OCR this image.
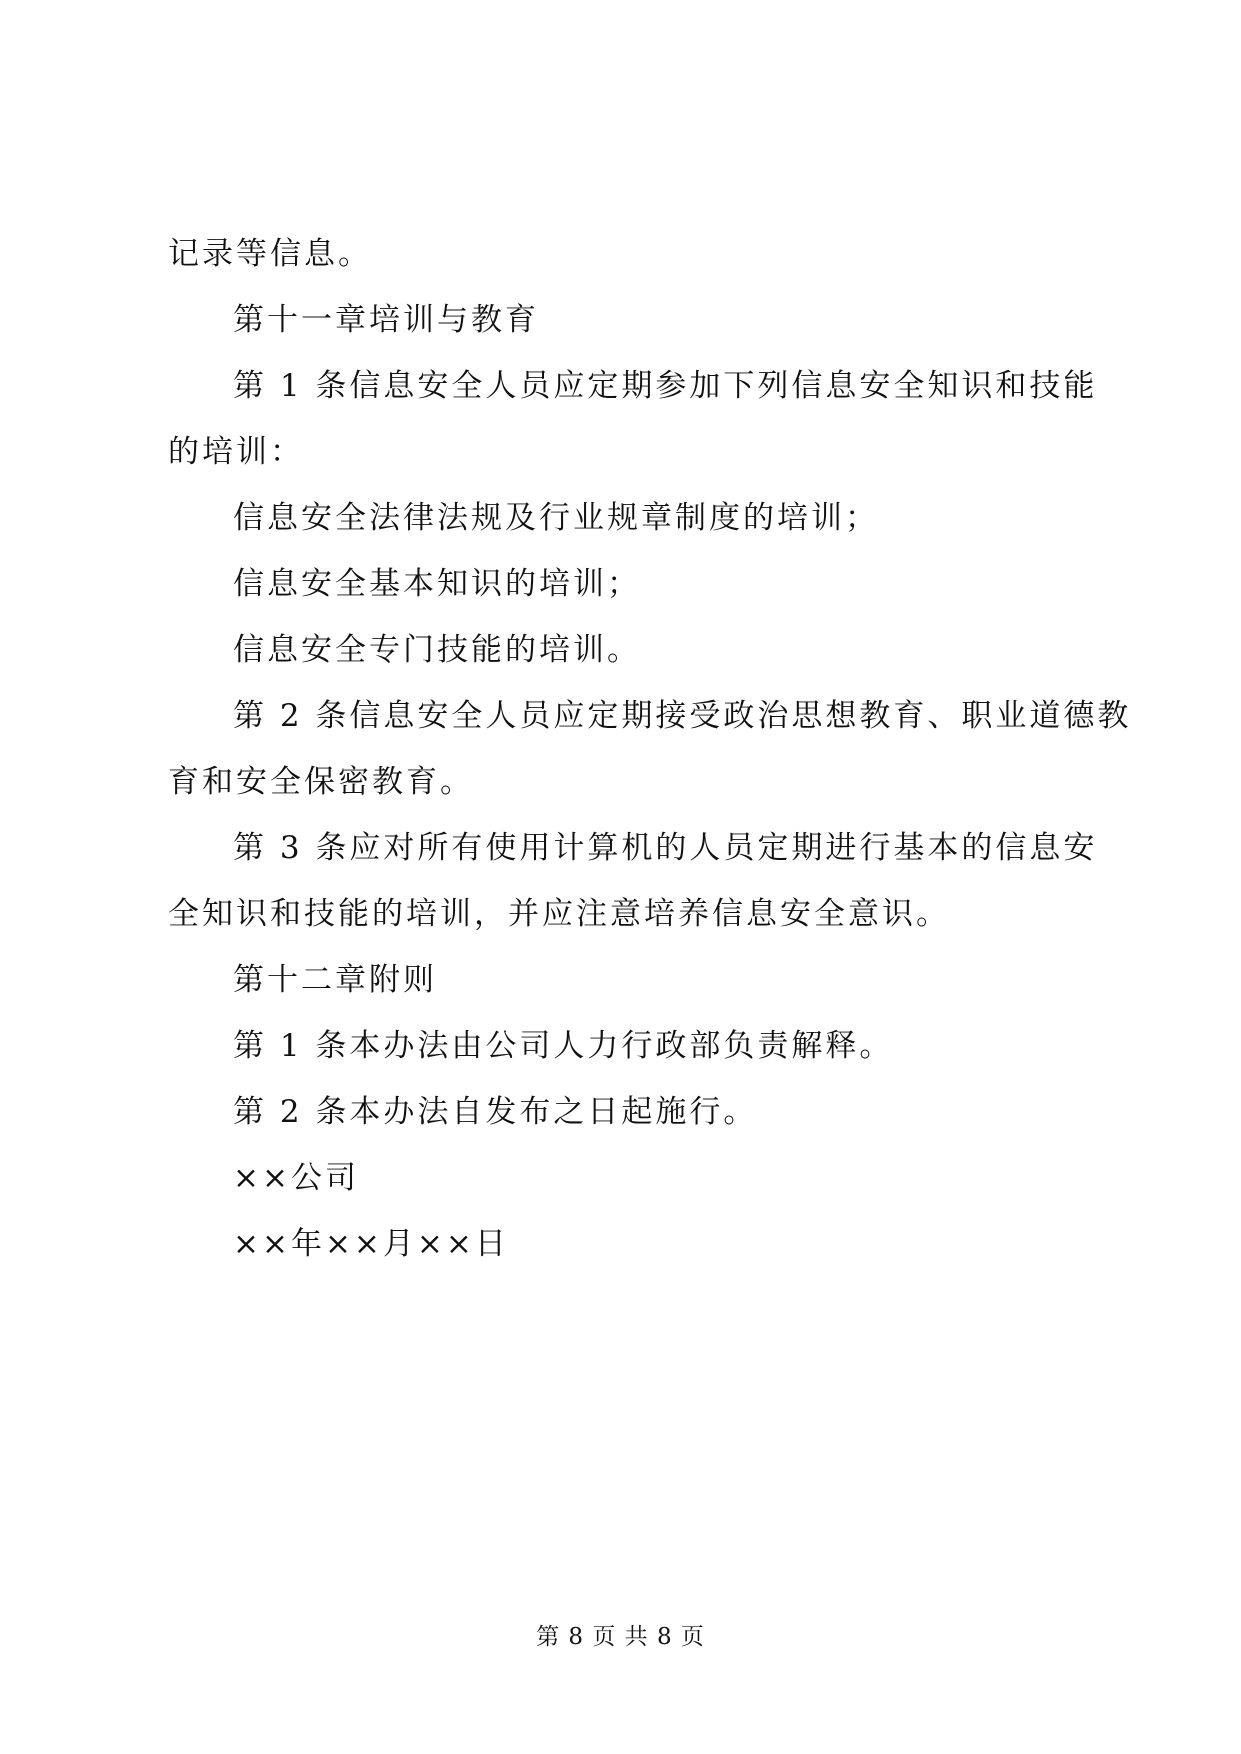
记录等信息。
第十一章培训与教育
第 1 条信息安全人员应定期参加下列信息安全知识和技能
的培训：
信息安全法律法规及行业规章制度的培训；
信息安全基本知识的培训；
信息安全专门技能的培训。
第 2 条信息安全人员应定期接受政治思想教育、职业道德教
育和安全保密教育。
第 3 条应对所有使用计算机的人员定期进行基本的信息安
全知识和技能的培训，并应注意培养信息安全意识。
第十二章附则
第 1 条本办法由公司人力行政部负责解释。
第 2 条本办法自发布之日起施行。
××公司
××年××月××日
第 8 页 共 8 页
